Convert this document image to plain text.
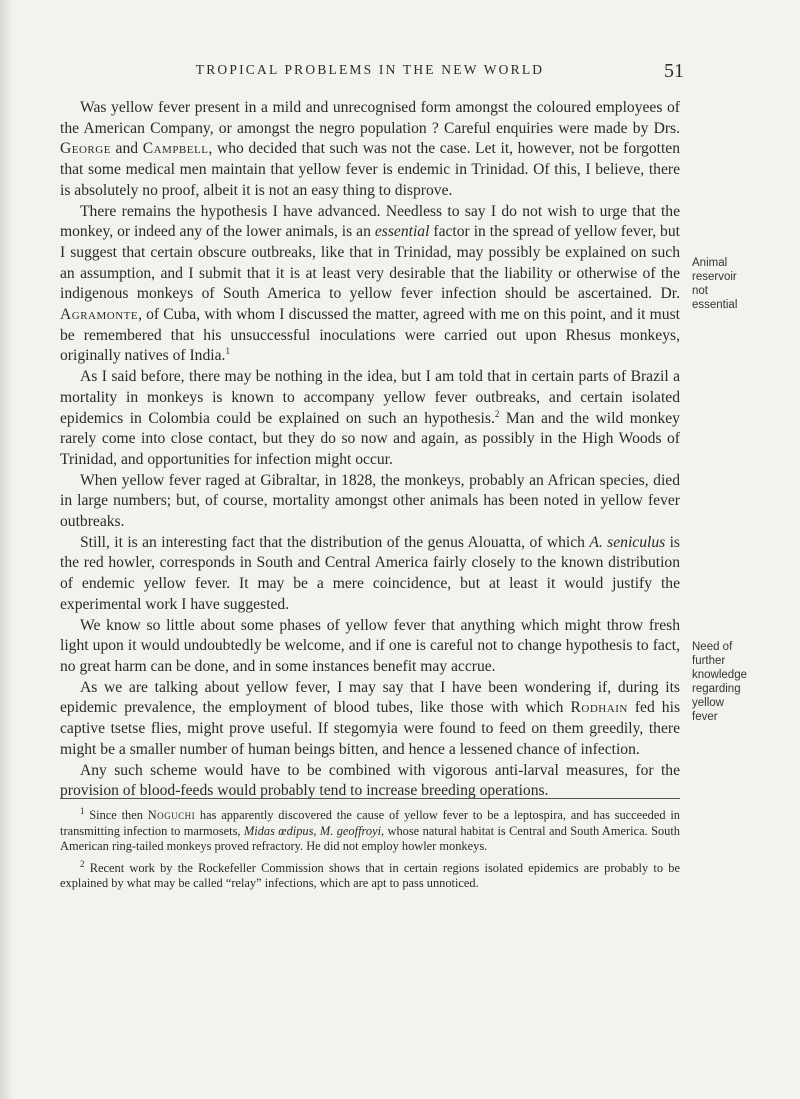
TROPICAL PROBLEMS IN THE NEW WORLD	51

Was yellow fever present in a mild and unrecognised form amongst the coloured employees of the American Company, or amongst the negro population ? Careful enquiries were made by Drs. George and Campbell, who decided that such was not the case. Let it, however, not be forgotten that some medical men maintain that yellow fever is endemic in Trinidad. Of this, I believe, there is absolutely no proof, albeit it is not an easy thing to disprove.

There remains the hypothesis I have advanced. Needless to say I do not wish to urge that the monkey, or indeed any of the lower animals, is an essential factor in the spread of yellow fever, but I suggest that certain obscure outbreaks, like that in Trinidad, may possibly be explained on such an assumption, and I submit that it is at least very desirable that the liability or otherwise of the indigenous monkeys of South America to yellow fever infection should be ascertained. Dr. Agramonte, of Cuba, with whom I discussed the matter, agreed with me on this point, and it must be remembered that his unsuccessful inoculations were carried out upon Rhesus monkeys, originally natives of India.$^1$

As I said before, there may be nothing in the idea, but I am told that in certain parts of Brazil a mortality in monkeys is known to accompany yellow fever outbreaks, and certain isolated epidemics in Colombia could be explained on such an hypothesis.$^2$ Man and the wild monkey rarely come into close contact, but they do so now and again, as possibly in the High Woods of Trinidad, and opportunities for infection might occur.

When yellow fever raged at Gibraltar, in 1828, the monkeys, probably an African species, died in large numbers; but, of course, mortality amongst other animals has been noted in yellow fever outbreaks.

Still, it is an interesting fact that the distribution of the genus Alouatta, of which A. seniculus is the red howler, corresponds in South and Central America fairly closely to the known distribution of endemic yellow fever. It may be a mere coincidence, but at least it would justify the experimental work I have suggested.

We know so little about some phases of yellow fever that anything which might throw fresh light upon it would undoubtedly be welcome, and if one is careful not to change hypothesis to fact, no great harm can be done, and in some instances benefit may accrue.

As we are talking about yellow fever, I may say that I have been wondering if, during its epidemic prevalence, the employment of blood tubes, like those with which Rodhain fed his captive tsetse flies, might prove useful. If stegomyia were found to feed on them greedily, there might be a smaller number of human beings bitten, and hence a lessened chance of infection.

Any such scheme would have to be combined with vigorous anti-larval measures, for the provision of blood-feeds would probably tend to increase breeding operations.

Animal
reservoir
not
essential
Need of
further
knowledge
regarding
yellow
fever

$^1$ Since then Noguchi has apparently discovered the cause of yellow fever to be a leptospira, and has succeeded in transmitting infection to marmosets, Midas œdipus, M. geoffroyi, whose natural habitat is Central and South America. South American ring-tailed monkeys proved refractory. He did not employ howler monkeys.

$^2$ Recent work by the Rockefeller Commission shows that in certain regions isolated epidemics are probably to be explained by what may be called “relay” infections, which are apt to pass unnoticed.
